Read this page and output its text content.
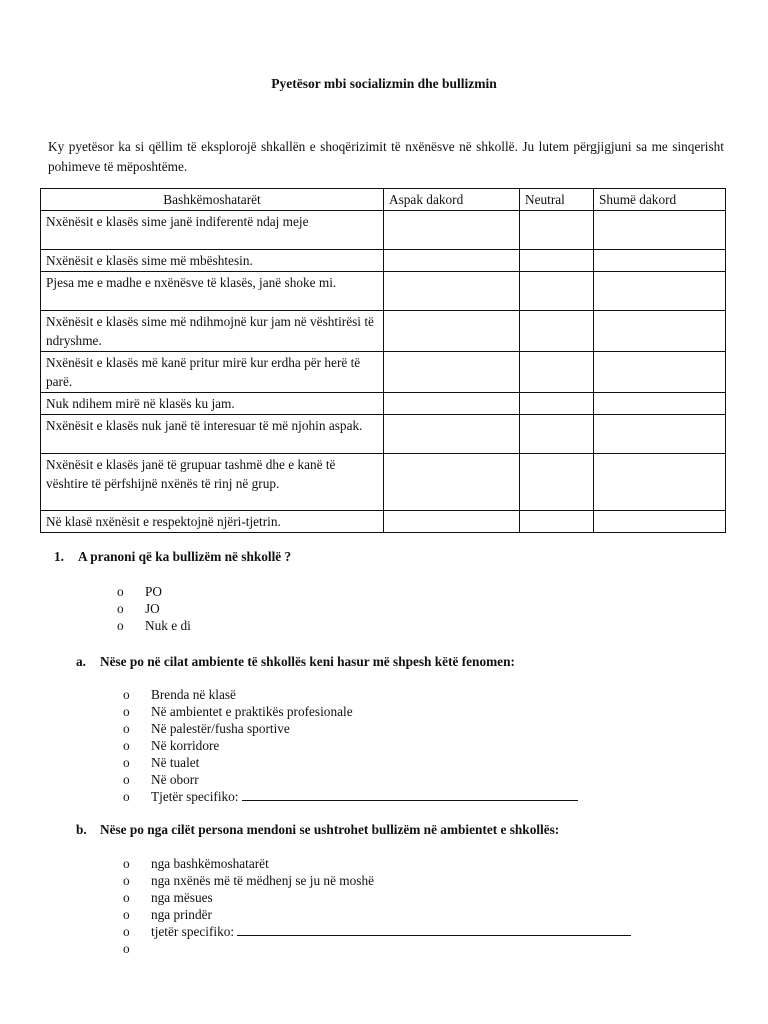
Pyetësor mbi socializmin dhe bullizmin
Ky pyetësor ka si qëllim të eksplorojë shkallën e shoqërizimit të nxënësve në shkollë. Ju lutem përgjigjuni sa me sinqerisht pohimeve të mëposhtëme.
Bashkëmoshatarët	Aspak dakord	Neutral	Shumë dakord
Nxënësit e klasës sime janë indiferentë ndaj meje			
Nxënësit e klasës sime më mbështesin.			
Pjesa me e madhe e nxënësve të klasës, janë shoke mi.			
Nxënësit e klasës sime më ndihmojnë kur jam në vështirësi të ndryshme.			
Nxënësit e klasës më kanë pritur mirë kur erdha për herë të parë.			
Nuk ndihem mirë në klasës ku jam.			
Nxënësit e klasës nuk janë të interesuar të më njohin aspak.			
Nxënësit e klasës janë të grupuar tashmë dhe e kanë të vështire të përfshijnë nxënës të rinj në grup.			
Në klasë nxënësit e respektojnë njëri-tjetrin.			
1. A pranoni që ka bullizëm në shkollë ?
o	PO
o	JO
o	Nuk e di
a. Nëse po në cilat ambiente të shkollës keni hasur më shpesh këtë fenomen:
o	Brenda në klasë
o	Në ambientet e praktikës profesionale
o	Në palestër/fusha sportive
o	Në korridore
o	Në tualet
o	Në oborr
o	Tjetër specifiko:
b. Nëse po nga cilët persona mendoni se ushtrohet bullizëm në ambientet e shkollës:
o	nga bashkëmoshatarët
o	nga nxënës më të mëdhenj se ju në moshë
o	nga mësues
o	nga prindër
o	tjetër specifiko:
o
